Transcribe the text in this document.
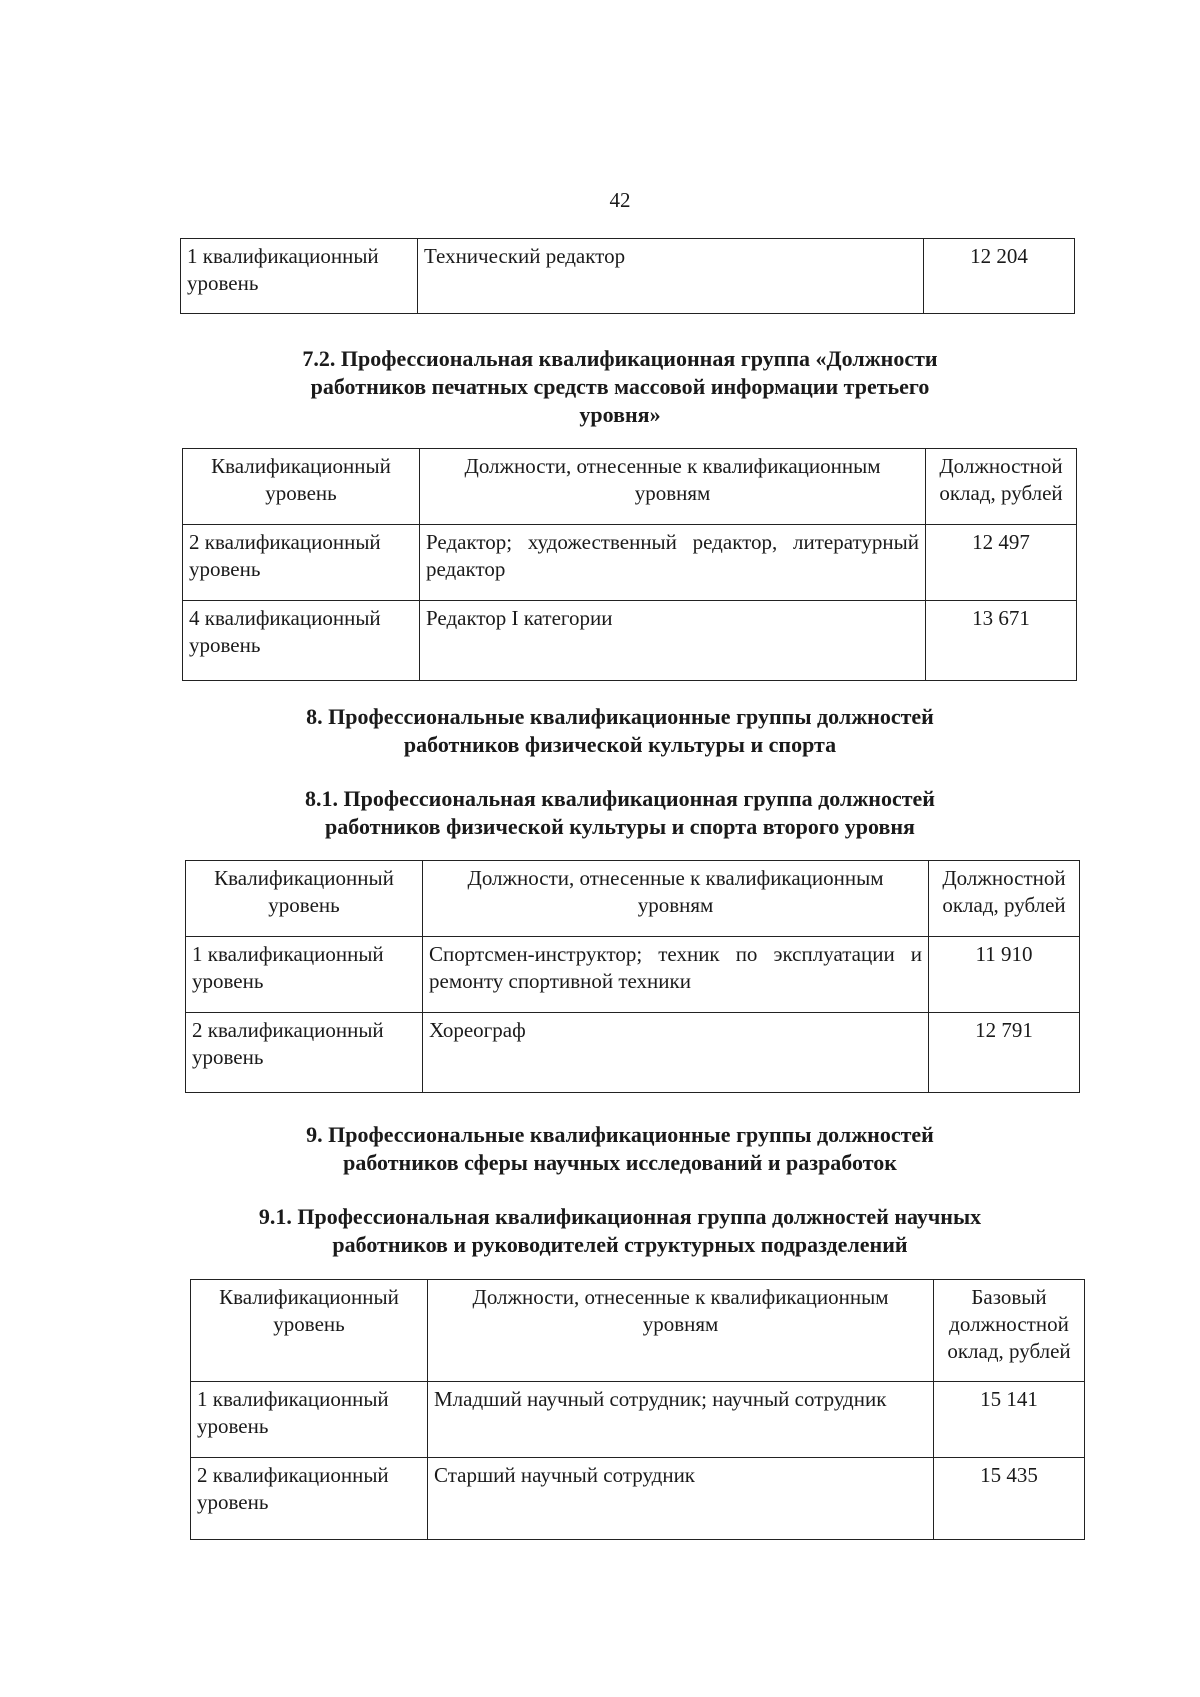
42
1 квалификационный уровень	Технический редактор	12 204
7.2. Профессиональная квалификационная группа «Должности работников печатных средств массовой информации третьего уровня»
Квалификационный уровень	Должности, отнесенные к квалификационным уровням	Должностной оклад, рублей
2 квалификационный уровень	Редактор; художественный редактор, литературный редактор	12 497
4 квалификационный уровень	Редактор I категории	13 671
8. Профессиональные квалификационные группы должностей работников физической культуры и спорта
8.1. Профессиональная квалификационная группа должностей работников физической культуры и спорта второго уровня
Квалификационный уровень	Должности, отнесенные к квалификационным уровням	Должностной оклад, рублей
1 квалификационный уровень	Спортсмен-инструктор; техник по эксплуатации и ремонту спортивной техники	11 910
2 квалификационный уровень	Хореограф	12 791
9. Профессиональные квалификационные группы должностей работников сферы научных исследований и разработок
9.1. Профессиональная квалификационная группа должностей научных работников и руководителей структурных подразделений
Квалификационный уровень	Должности, отнесенные к квалификационным уровням	Базовый должностной оклад, рублей
1 квалификационный уровень	Младший научный сотрудник; научный сотрудник	15 141
2 квалификационный уровень	Старший научный сотрудник	15 435
